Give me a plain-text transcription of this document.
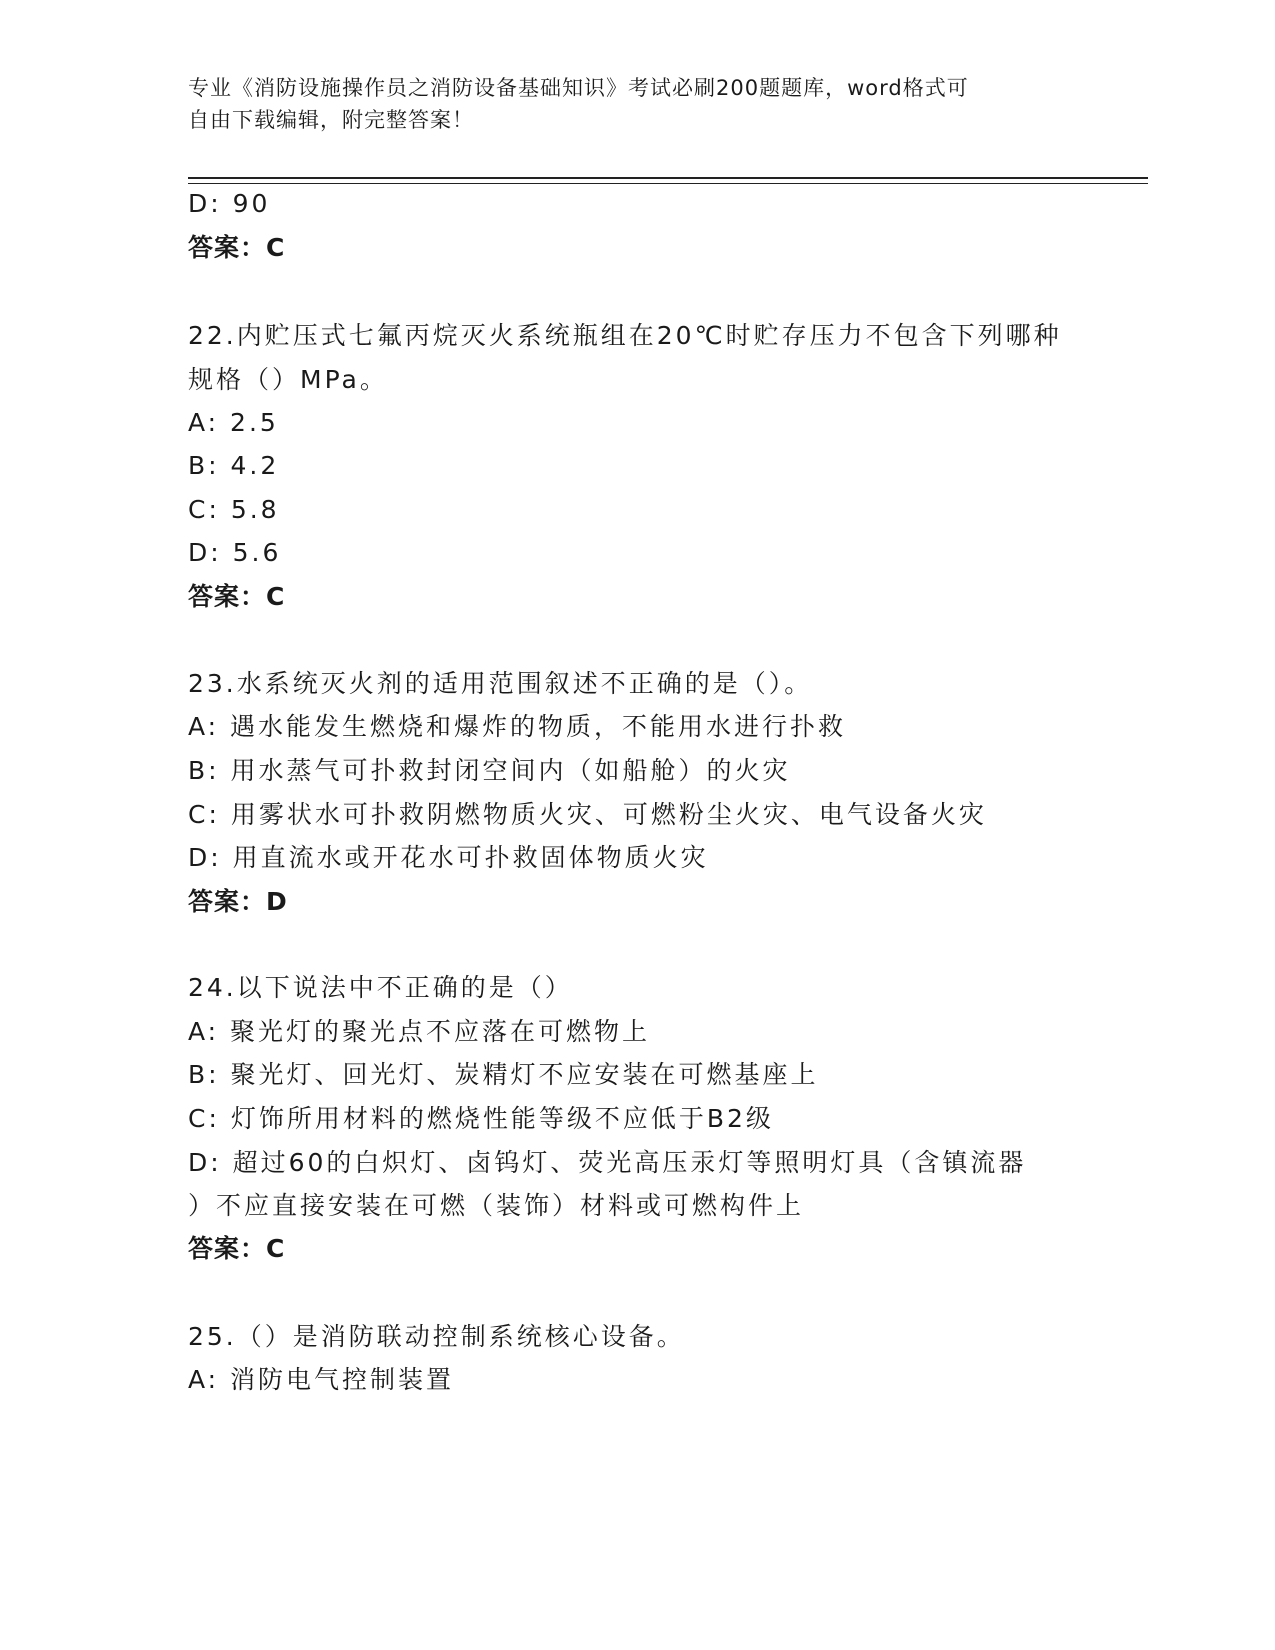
专业《消防设施操作员之消防设备基础知识》考试必刷200题题库，word格式可
自由下载编辑，附完整答案！

D: 90

答案：C

22.内贮压式七氟丙烷灭火系统瓶组在20℃时贮存压力不包含下列哪种

规格（）MPa。

A: 2.5

B: 4.2

C: 5.8

D: 5.6

答案：C

23.水系统灭火剂的适用范围叙述不正确的是（）。

A: 遇水能发生燃烧和爆炸的物质，不能用水进行扑救

B: 用水蒸气可扑救封闭空间内（如船舱）的火灾

C: 用雾状水可扑救阴燃物质火灾、可燃粉尘火灾、电气设备火灾

D: 用直流水或开花水可扑救固体物质火灾

答案：D

24.以下说法中不正确的是（）

A: 聚光灯的聚光点不应落在可燃物上

B: 聚光灯、回光灯、炭精灯不应安装在可燃基座上

C: 灯饰所用材料的燃烧性能等级不应低于B2级

D: 超过60的白炽灯、卤钨灯、荧光高压汞灯等照明灯具（含镇流器

）不应直接安装在可燃（装饰）材料或可燃构件上

答案：C

25.（）是消防联动控制系统核心设备。

A: 消防电气控制装置
